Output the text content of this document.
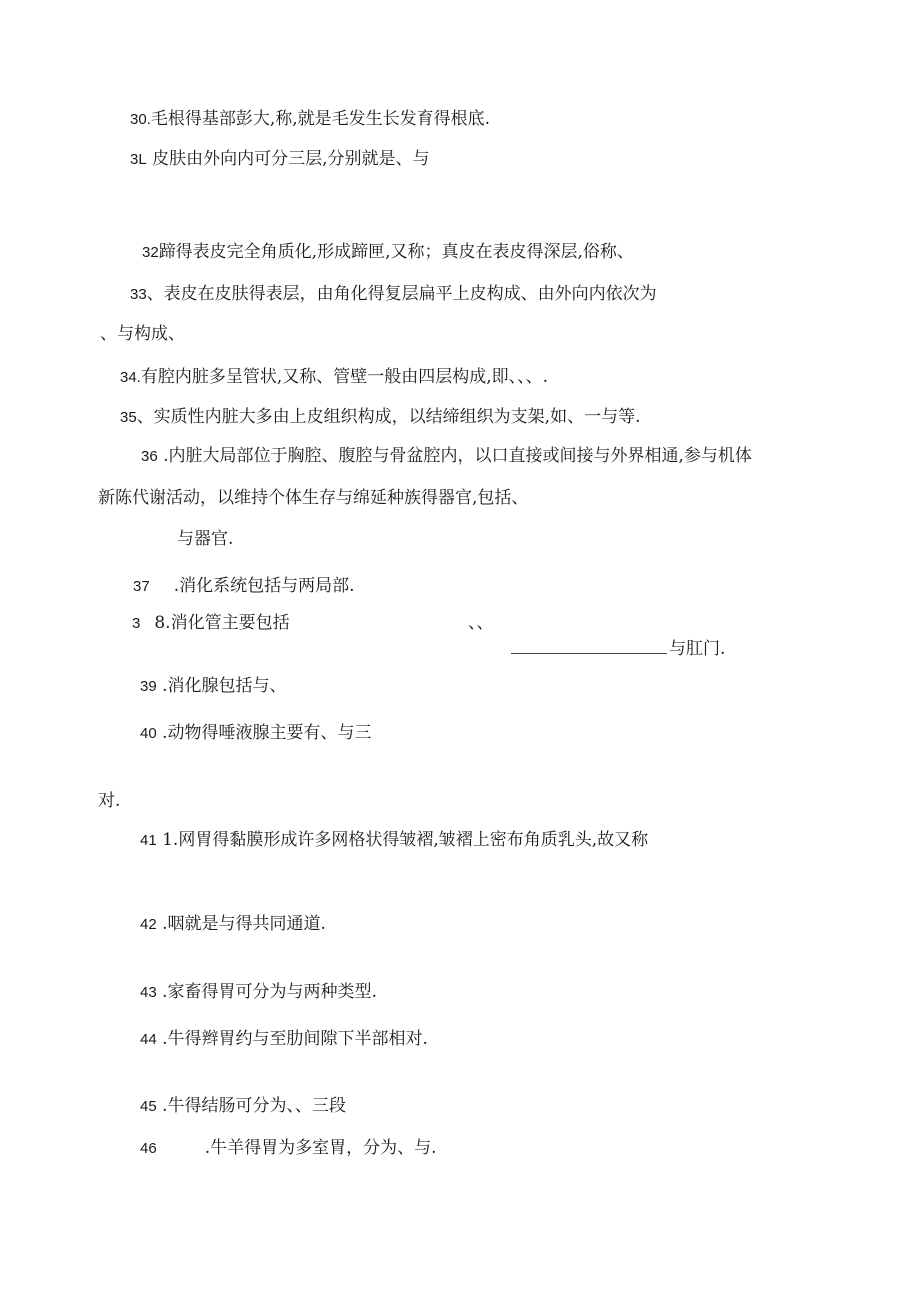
30.毛根得基部彭大,称,就是毛发生长发育得根底.
3L 皮肤由外向内可分三层,分别就是、与
32蹄得表皮完全角质化,形成蹄匣,又称；真皮在表皮得深层,俗称、
33、表皮在皮肤得表层，由角化得复层扁平上皮构成、由外向内依次为
、与构成、
34.有腔内脏多呈管状,又称、管壁一般由四层构成,即、、、.
35、实质性内脏大多由上皮组织构成，以结缔组织为支架,如、一与等.
36 .内脏大局部位于胸腔、腹腔与骨盆腔内，以口直接或间接与外界相通,参与机体
新陈代谢活动，以维持个体生存与绵延种族得器官,包括、
与器官.
37 .消化系统包括与两局部.
3 8.消化管主要包括	、、
与肛门.
39 .消化腺包括与、
40 .动物得唾液腺主要有、与三
对.
41 1.网胃得黏膜形成许多网格状得皱褶,皱褶上密布角质乳头,故又称
42 .咽就是与得共同通道.
43 .家畜得胃可分为与两种类型.
44 .牛得辫胃约与至肋间隙下半部相对.
45 .牛得结肠可分为、、三段
46	.牛羊得胃为多室胃，分为、与.
